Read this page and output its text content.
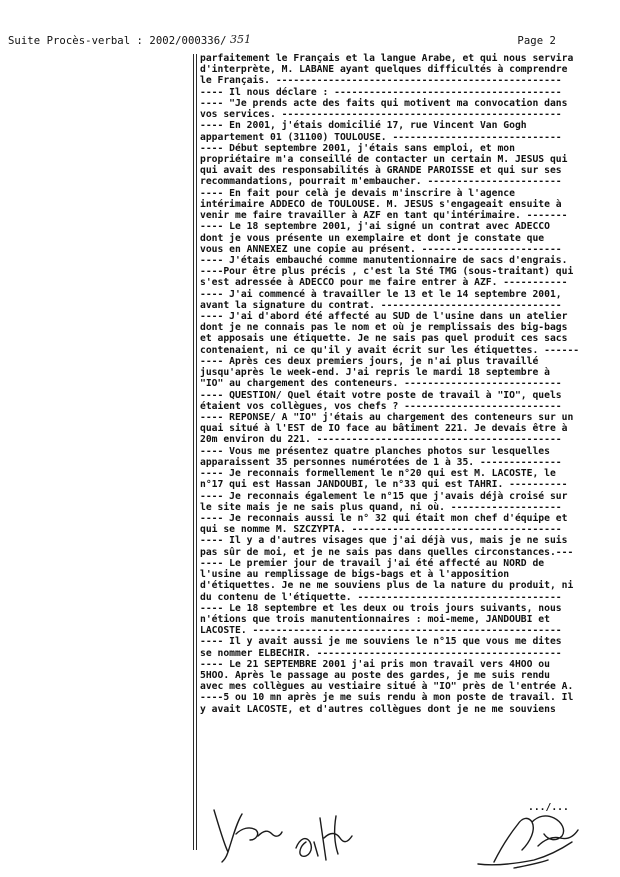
Suite Procès-verbal : 2002/000336/ 351	Page 2
parfaitement le Français et la langue Arabe, et qui nous servira
d'interprète, M. LABANE ayant quelques difficultés à comprendre
le Français. -------------------------------------------------
---- Il nous déclare : ---------------------------------------
---- "Je prends acte des faits qui motivent ma convocation dans
vos services. ------------------------------------------------
---- En 2001, j'étais domicilié 17, rue Vincent Van Gogh
appartement 01 (31100) TOULOUSE. -----------------------------
---- Début septembre 2001, j'étais sans emploi, et mon
propriétaire m'a conseillé de contacter un certain M. JESUS qui
qui avait des responsabilités à GRANDE PAROISSE et qui sur ses
recommandations, pourrait m'embaucher. -----------------------
---- En fait pour celà je devais m'inscrire à l'agence
intérimaire ADDECO de TOULOUSE. M. JESUS s'engageait ensuite à
venir me faire travailler à AZF en tant qu'intérimaire. -------
---- Le 18 septembre 2001, j'ai signé un contrat avec ADECCO
dont je vous présente un exemplaire et dont je constate que
vous en ANNEXEZ une copie au présent. ------------------------
---- J'étais embauché comme manutentionnaire de sacs d'engrais.
----Pour être plus précis , c'est la Sté TMG (sous-traitant) qui
s'est adressée à ADECCO pour me faire entrer à AZF. -----------
---- J'ai commencé à travailler le 13 et le 14 septembre 2001,
avant la signature du contrat. -------------------------------
---- J'ai d'abord été affecté au SUD de l'usine dans un atelier
dont je ne connais pas le nom et où je remplissais des big-bags
et apposais une étiquette. Je ne sais pas quel produit ces sacs
contenaient, ni ce qu'il y avait écrit sur les étiquettes. ------
---- Après ces deux premiers jours, je n'ai plus travaillé
jusqu'après le week-end. J'ai repris le mardi 18 septembre à
"IO" au chargement des conteneurs. ---------------------------
---- QUESTION/ Quel était votre poste de travail à "IO", quels
étaient vos collègues, vos chefs ? ---------------------------
---- REPONSE/ A "IO" j'étais au chargement des conteneurs sur un
quai situé à l'EST de IO face au bâtiment 221. Je devais être à
20m environ du 221. ------------------------------------------
---- Vous me présentez quatre planches photos sur lesquelles
apparaissent 35 personnes numérotées de 1 à 35. --------------
---- Je reconnais formellement le n°20 qui est M. LACOSTE, le
n°17 qui est Hassan JANDOUBI, le n°33 qui est TAHRI. ----------
---- Je reconnais également le n°15 que j'avais déjà croisé sur
le site mais je ne sais plus quand, ni où. -------------------
---- Je reconnais aussi le n° 32 qui était mon chef d'équipe et
qui se nomme M. SZCZYPTA. ------------------------------------
---- Il y a d'autres visages que j'ai déjà vus, mais je ne suis
pas sûr de moi, et je ne sais pas dans quelles circonstances.---
---- Le premier jour de travail j'ai été affecté au NORD de
l'usine au remplissage de bigs-bags et à l'apposition
d'étiquettes. Je ne me souviens plus de la nature du produit, ni
du contenu de l'étiquette. -----------------------------------
---- Le 18 septembre et les deux ou trois jours suivants, nous
n'étions que trois manutentionnaires : moi-meme, JANDOUBI et
LACOSTE. -----------------------------------------------------
---- Il y avait aussi je me souviens le n°15 que vous me dites
se nommer ELBECHIR. ------------------------------------------
---- Le 21 SEPTEMBRE 2001 j'ai pris mon travail vers 4HOO ou
5HOO. Après le passage au poste des gardes, je me suis rendu
avec mes collègues au vestiaire situé à "IO" près de l'entrée A.
----5 ou 10 mn après je me suis rendu à mon poste de travail. Il
y avait LACOSTE, et d'autres collègues dont je ne me souviens
.../...
